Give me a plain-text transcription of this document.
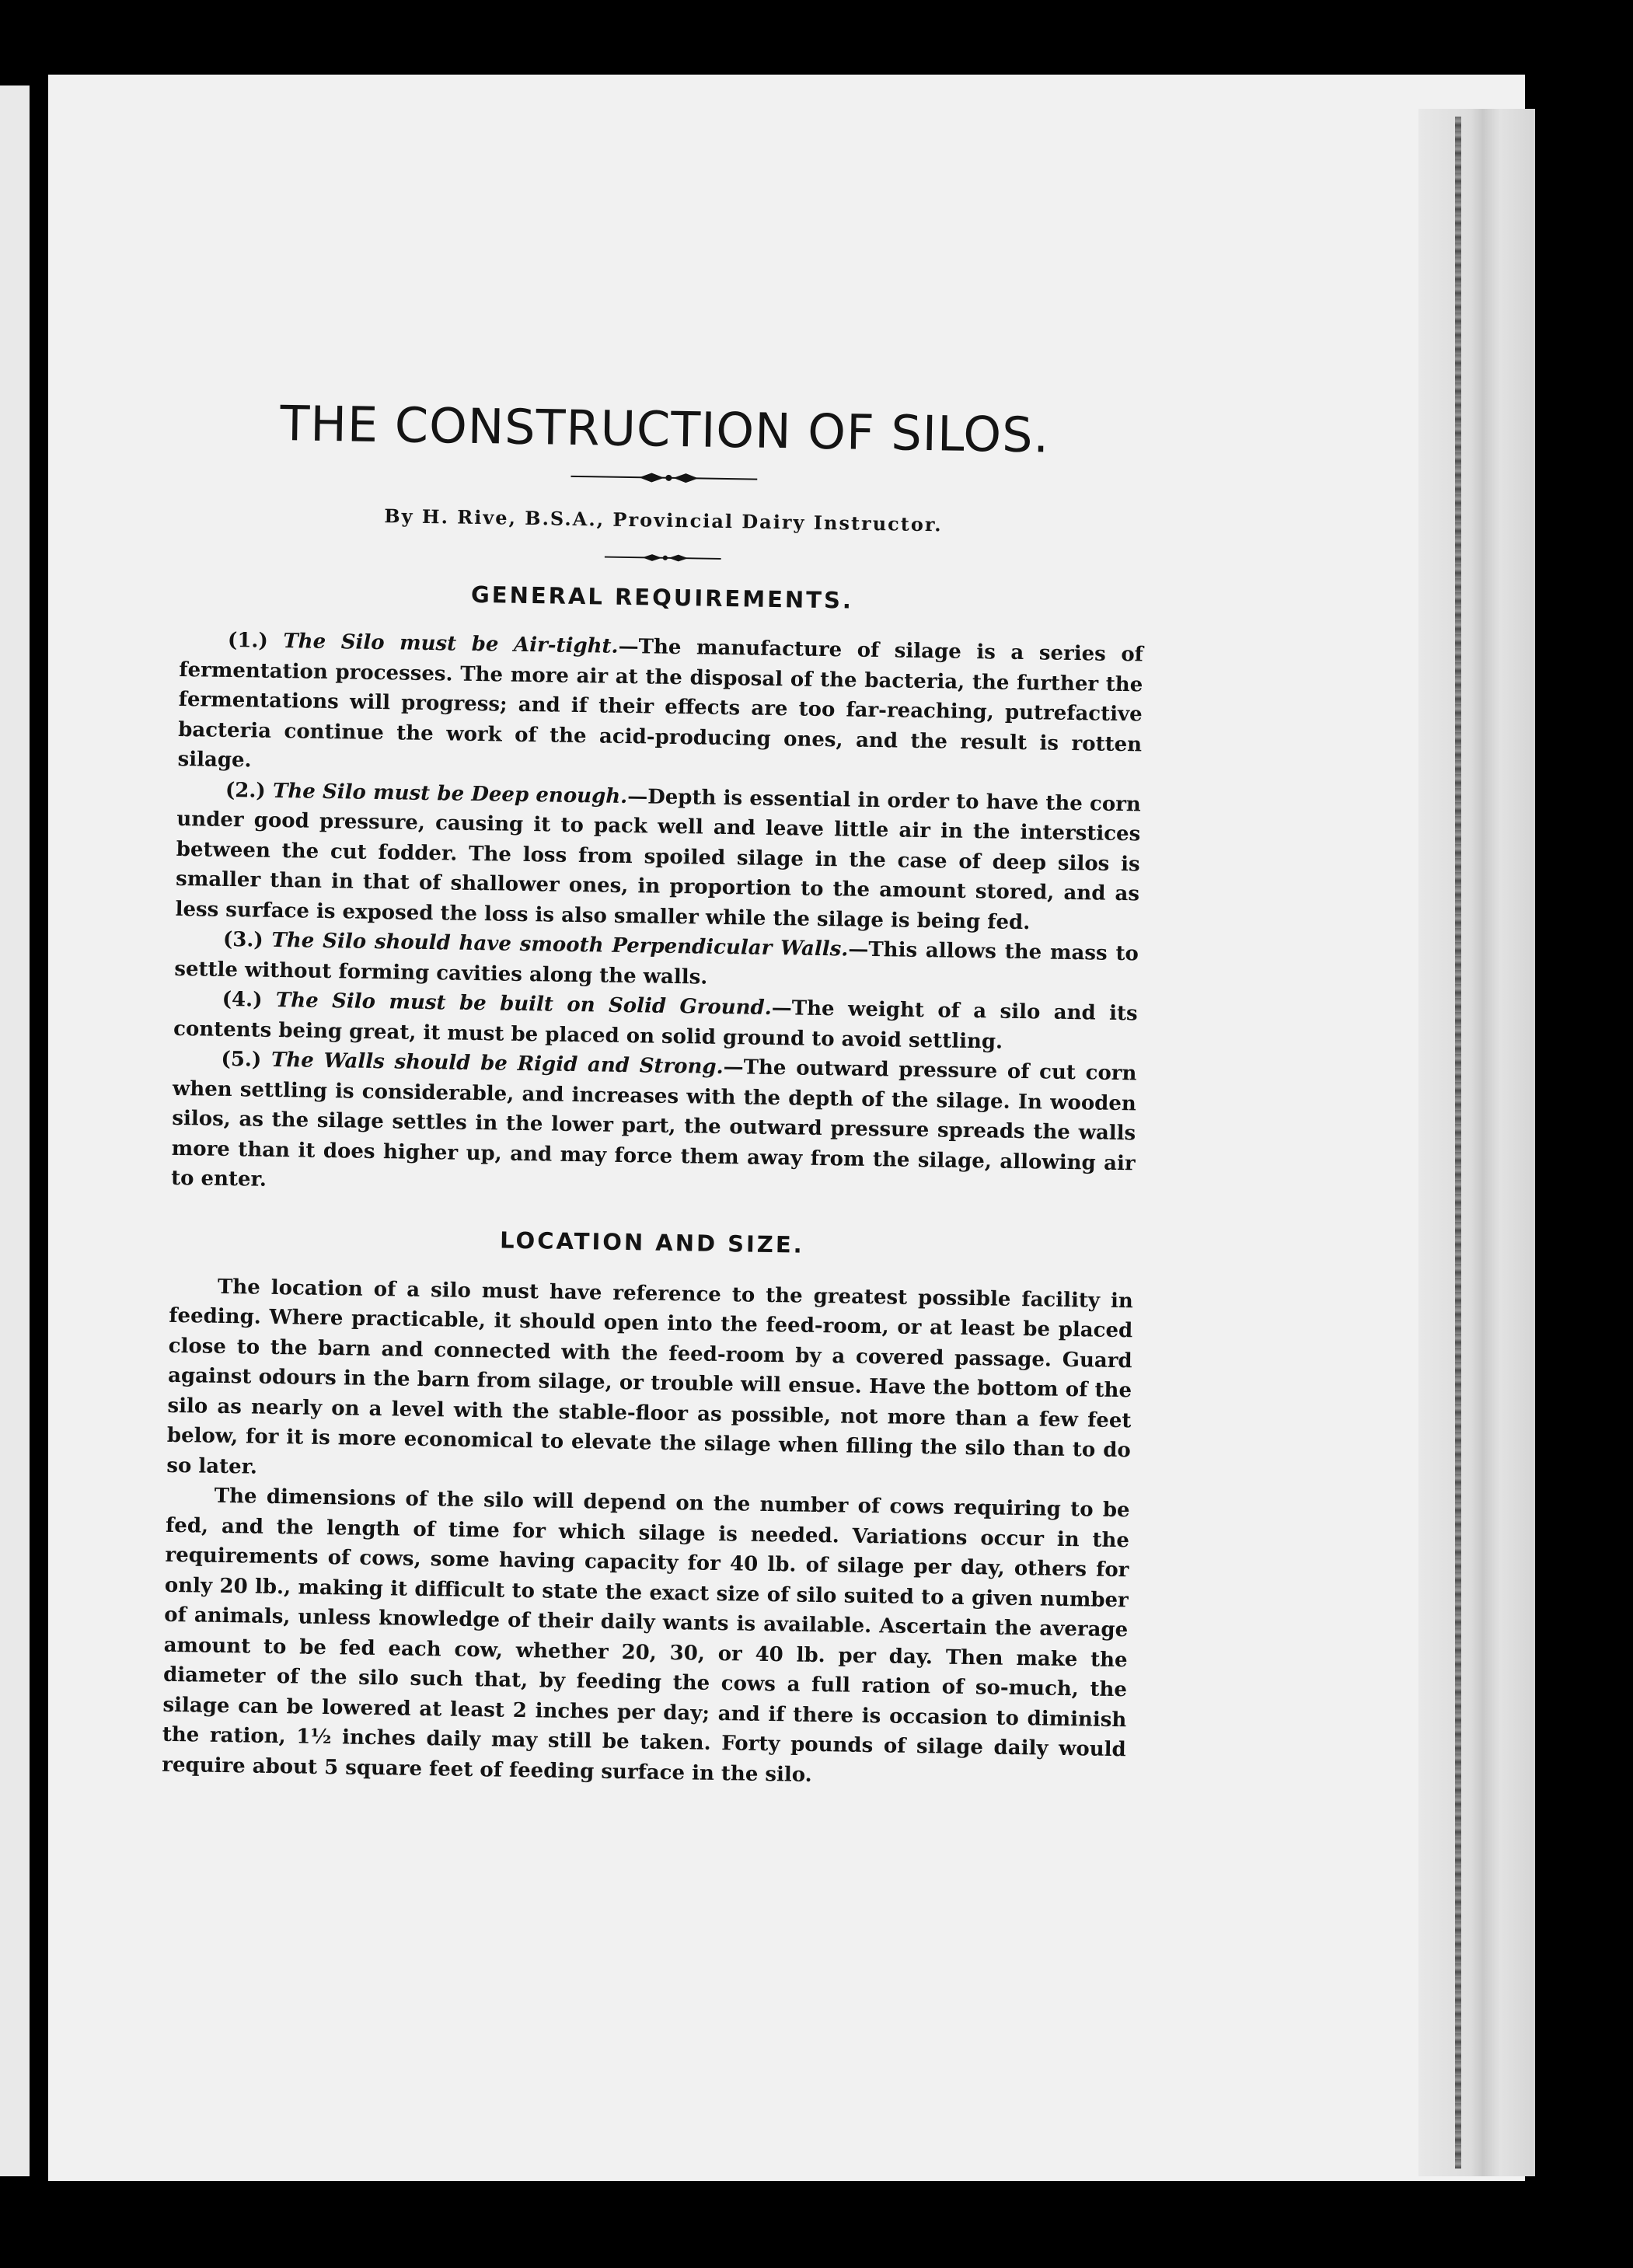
THE CONSTRUCTION OF SILOS.
By H. Rive, B.S.A., Provincial Dairy Instructor.
GENERAL REQUIREMENTS.

(1.) The Silo must be Air-tight.—The manufacture of silage is a series of fermentation processes. The more air at the disposal of the bacteria, the further the fermentations will progress; and if their effects are too far-reaching, putrefactive bacteria continue the work of the acid-producing ones, and the result is rotten silage.

(2.) The Silo must be Deep enough.—Depth is essential in order to have the corn under good pressure, causing it to pack well and leave little air in the interstices between the cut fodder. The loss from spoiled silage in the case of deep silos is smaller than in that of shallower ones, in proportion to the amount stored, and as less surface is exposed the loss is also smaller while the silage is being fed.

(3.) The Silo should have smooth Perpendicular Walls.—This allows the mass to settle without forming cavities along the walls.

(4.) The Silo must be built on Solid Ground.—The weight of a silo and its contents being great, it must be placed on solid ground to avoid settling.

(5.) The Walls should be Rigid and Strong.—The outward pressure of cut corn when settling is considerable, and increases with the depth of the silage. In wooden silos, as the silage settles in the lower part, the outward pressure spreads the walls more than it does higher up, and may force them away from the silage, allowing air to enter.

LOCATION AND SIZE.

The location of a silo must have reference to the greatest possible facility in feeding. Where practicable, it should open into the feed-room, or at least be placed close to the barn and connected with the feed-room by a covered passage. Guard against odours in the barn from silage, or trouble will ensue. Have the bottom of the silo as nearly on a level with the stable-floor as possible, not more than a few feet below, for it is more economical to elevate the silage when filling the silo than to do so later.

The dimensions of the silo will depend on the number of cows requiring to be fed, and the length of time for which silage is needed. Variations occur in the requirements of cows, some having capacity for 40 lb. of silage per day, others for only 20 lb., making it difficult to state the exact size of silo suited to a given number of animals, unless knowledge of their daily wants is available. Ascertain the average amount to be fed each cow, whether 20, 30, or 40 lb. per day. Then make the diameter of the silo such that, by feeding the cows a full ration of so-much, the silage can be lowered at least 2 inches per day; and if there is occasion to diminish the ration, 1½ inches daily may still be taken. Forty pounds of silage daily would require about 5 square feet of feeding surface in the silo.
